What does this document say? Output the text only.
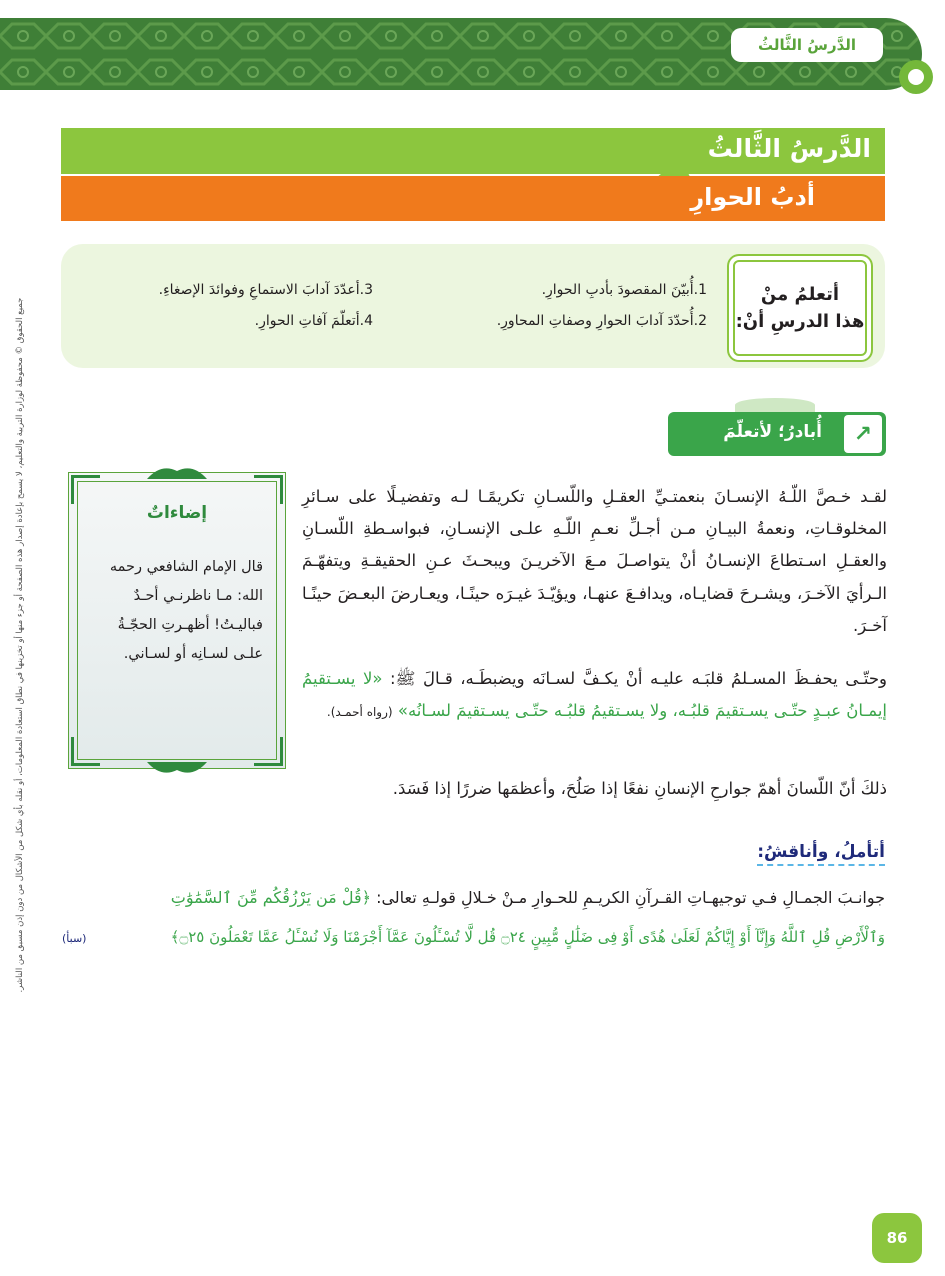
الدَّرسُ الثَّالثُ
الدَّرسُ الثَّالثُ
أدبُ الحوارِ
أتعلمُ منْ
هذا الدرسِ أنْ:
1.أُبيّنَ المقصودَ بأدبِ الحوارِ.
2.أُحدّدَ آدابَ الحوارِ وصفاتِ المحاورِ.
3.أعدّدَ آدابَ الاستماعِ وفوائدَ الإصغاءِ.
4.أتعلّمَ آفاتِ الحوارِ.
أُبادرُ؛ لأتعلّمَ	↗
لقـد خـصَّ اللّـهُ الإنسـانَ بنعمتـيِّ العقـلِ واللّسـانِ تكريمًـا لـه وتفضيـلًا على سـائرِ المخلوقـاتِ، ونعمةُ البيـانِ مـن أجـلِّ نعـمِ اللّـهِ علـى الإنسـانِ، فبواسـطةِ اللّسـانِ والعقـلِ اسـتطاعَ الإنسـانُ أنْ يتواصـلَ مـعَ الآخريـنَ ويبحـثَ عـنِ الحقيقـةِ ويتفهّـمَ الـرأيَ الآخـرَ، ويشـرحَ قضايـاه، ويدافـعَ عنهـا، ويؤيّـدَ غيـرَه حينًـا، ويعـارضَ البعـضَ حينًـا آخـرَ.
وحتّـى يحفـظَ المسـلمُ قلبَـه عليـه أنْ يكـفَّ لسـانَه ويضبطَـه، قـالَ ﷺ: «لا يسـتقيمُ إيمـانُ عبـدٍ حتّـى يسـتقيمَ قلبُـه، ولا يسـتقيمُ قلبُـه حتّـى يسـتقيمَ لسـانُه» (رواه أحمـد).
ذلكَ أنّ اللّسانَ أهمّ جوارحِ الإنسانِ نفعًا إذا صَلُحَ، وأعظمَها ضررًا إذا فَسَدَ.
إضاءاتٌ
قال الإمام الشافعي رحمه الله: مـا ناظرنـي أحـدٌ فباليـتُ! أظهـرتِ الحجّـةُ علـى لسـانِه أو لسـاني.
أتأملُ، وأناقشُ:
جوانـبَ الجمـالِ فـي توجيهـاتِ القـرآنِ الكريـمِ للحـوارِ مـنْ خـلالِ قولـهِ تعالى: ﴿قُلْ مَن يَرْزُقُكُم مِّنَ ٱلسَّمَٰوَٰتِ
وَٱلْأَرْضِ قُلِ ٱللَّهُ وَإِنَّآ أَوْ إِيَّاكُمْ لَعَلَىٰ هُدًى أَوْ فِى ضَلَٰلٍ مُّبِينٍ ۝٢٤ قُل لَّا تُسْـَٔلُونَ عَمَّآ أَجْرَمْنَا وَلَا نُسْـَٔلُ عَمَّا تَعْمَلُونَ ۝٢٥﴾
(سبأ)
جميع الحقوق © محفوظة لوزارة التربية والتعليم، لا يسمح بإعادة إصدار هذه الصفحة أو جزء منها أو تخزينها في نطاق استعادة المعلومات، أو نقله بأي شكل من الأشكال من دون إذن مسبق من الناشر.
86
